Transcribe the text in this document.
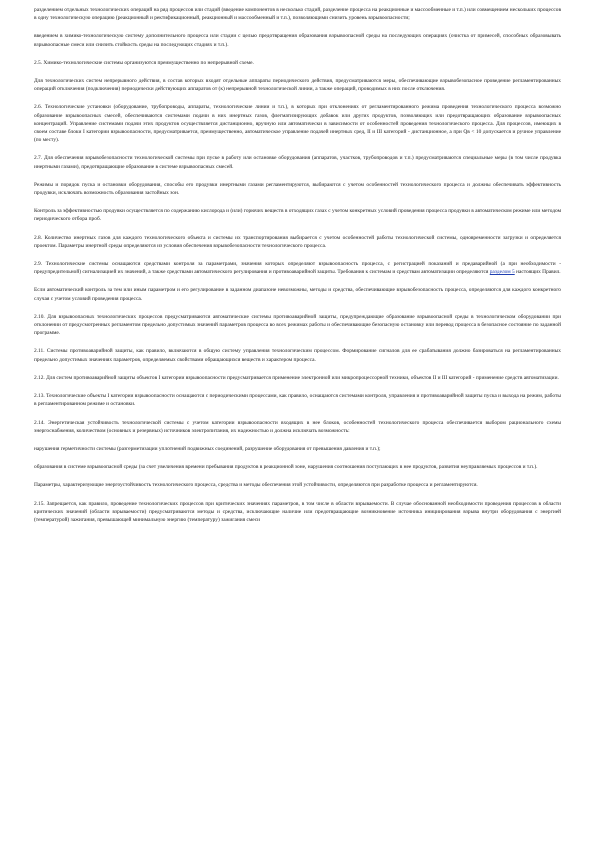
разделением отдельных технологических операций на ряд процессов или стадий (введение компонентов в несколько стадий, разделение процесса на реакционные и массообменные и т.п.) или совмещением нескольких процессов в одну технологическую операцию (реакционный и ректификационный, реакционный и массообменный и т.п.), позволяющими снизить уровень взрывоопасности;

введением в химико-технологическую систему дополнительного процесса или стадии с целью предотвращения образования взрывоопасной среды на последующих операциях (очистка от примесей, способных образовывать взрывоопасные смеси или снизить стойкость среды на последующих стадиях и т.п.).

2.5. Химико-технологические системы организуются преимущественно по непрерывной схеме.

Для технологических систем непрерывного действия, в состав которых входят отдельные аппараты периодического действия, предусматриваются меры, обеспечивающие взрывобезопасное проведение регламентированных операций отключения (подключения) периодически действующих аппаратов от (к) непрерывной технологической линии, а также операций, проводимых в них после отключения.

2.6. Технологические установки (оборудование, трубопроводы, аппараты, технологические линии и т.п.), в которых при отклонениях от регламентированного режима проведения технологического процесса возможно образование взрывоопасных смесей, обеспечиваются системами подачи в них инертных газов, флегматизирующих добавок или других продуктов, позволяющих или предотвращающих образование взрывоопасных концентраций. Управление системами подачи этих продуктов осуществляется дистанционно, вручную или автоматически в зависимости от особенностей проведения технологического процесса. Для процессов, имеющих в своем составе блоки I категории взрывоопасности, предусматривается, преимущественно, автоматическое управление подачей инертных сред, II и III категорий - дистанционное, а при Qв < 10 допускается и ручное управление (по месту).

2.7. Для обеспечения взрывобезопасности технологической системы при пуске в работу или остановке оборудования (аппаратов, участков, трубопроводов и т.п.) предусматриваются специальные меры (в том числе продувка инертными газами), предотвращающие образование в системе взрывоопасных смесей.

Режимы и порядок пуска и остановки оборудования, способы его продувки инертными газами регламентируются, выбираются с учетом особенностей технологического процесса и должны обеспечивать эффективность продувки, исключать возможность образования застойных зон.

Контроль за эффективностью продувки осуществляется по содержанию кислорода и (или) горючих веществ в отходящих газах с учетом конкретных условий проведения процесса продувки в автоматическом режиме или методом периодического отбора проб.

2.8. Количество инертных газов для каждого технологического объекта и системы их транспортирования выбирается с учетом особенностей работы технологической системы, одновременности загрузки и определяется проектом. Параметры инертной среды определяются из условия обеспечения взрывобезопасности технологического процесса.

2.9. Технологические системы оснащаются средствами контроля за параметрами, значения которых определяют взрывоопасность процесса, с регистрацией показаний и предаварийной (а при необходимости - предупредительной) сигнализацией их значений, а также средствами автоматического регулирования и противоаварийной защиты. Требования к системам и средствам автоматизации определяются разделом 5 настоящих Правил.

Если автоматический контроль за тем или иным параметром и его регулирование в заданном диапазоне невозможны, методы и средства, обеспечивающие взрывобезопасность процесса, определяются для каждого конкретного случая с учетом условий проведения процесса.

2.10. Для взрывоопасных технологических процессов предусматриваются автоматические системы противоаварийной защиты, предупреждающие образование взрывоопасной среды в технологическом оборудовании при отклонении от предусмотренных регламентом предельно допустимых значений параметров процесса во всех режимах работы и обеспечивающие безопасную остановку или перевод процесса в безопасное состояние по заданной программе.

2.11. Системы противоаварийной защиты, как правило, включаются в общую систему управления технологическим процессом. Формирование сигналов для ее срабатывания должно базироваться на регламентированных предельно допустимых значениях параметров, определяемых свойствами обращающихся веществ и характером процесса.

2.12. Для систем противоаварийной защиты объектов I категории взрывоопасности предусматривается применение электронной или микропроцессорной техники, объектов II и III категорий - применение средств автоматизации.

2.13. Технологические объекты I категории взрывоопасности оснащаются с периодическими процессами, как правило, оснащаются системами контроля, управления и противоаварийной защиты пуска и выхода на режим, работы в регламентированном режиме и остановки.

2.14. Энергетическая устойчивость технологической системы с учетом категории взрывоопасности входящих в нее блоков, особенностей технологического процесса обеспечивается выбором рационального схемы энергоснабжения, количеством (основных и резервных) источников электропитания, их надежностью и должна исключать возможность:

нарушения герметичности системы (разгерметизации уплотнений подвижных соединений, разрушение оборудования от превышения давления и т.п.);

образования в системе взрывоопасной среды (за счет увеличения времени пребывания продуктов в реакционной зоне, нарушения соотношения поступающих в нее продуктов, развития неуправляемых процессов и т.п.).

Параметры, характеризующие энергоустойчивость технологического процесса, средства и методы обеспечения этой устойчивости, определяются при разработке процесса и регламентируются.

2.15. Запрещается, как правило, проведение технологических процессов при критических значениях параметров, в том числе в области взрываемости. В случае обоснованной необходимости проведения процессов в области критических значений (области взрываемости) предусматриваются методы и средства, исключающие наличие или предотвращающие возникновение источника инициирования взрыва внутри оборудования с энергией (температурой) зажигания, превышающей минимальную энергию (температуру) зажигания смеси
